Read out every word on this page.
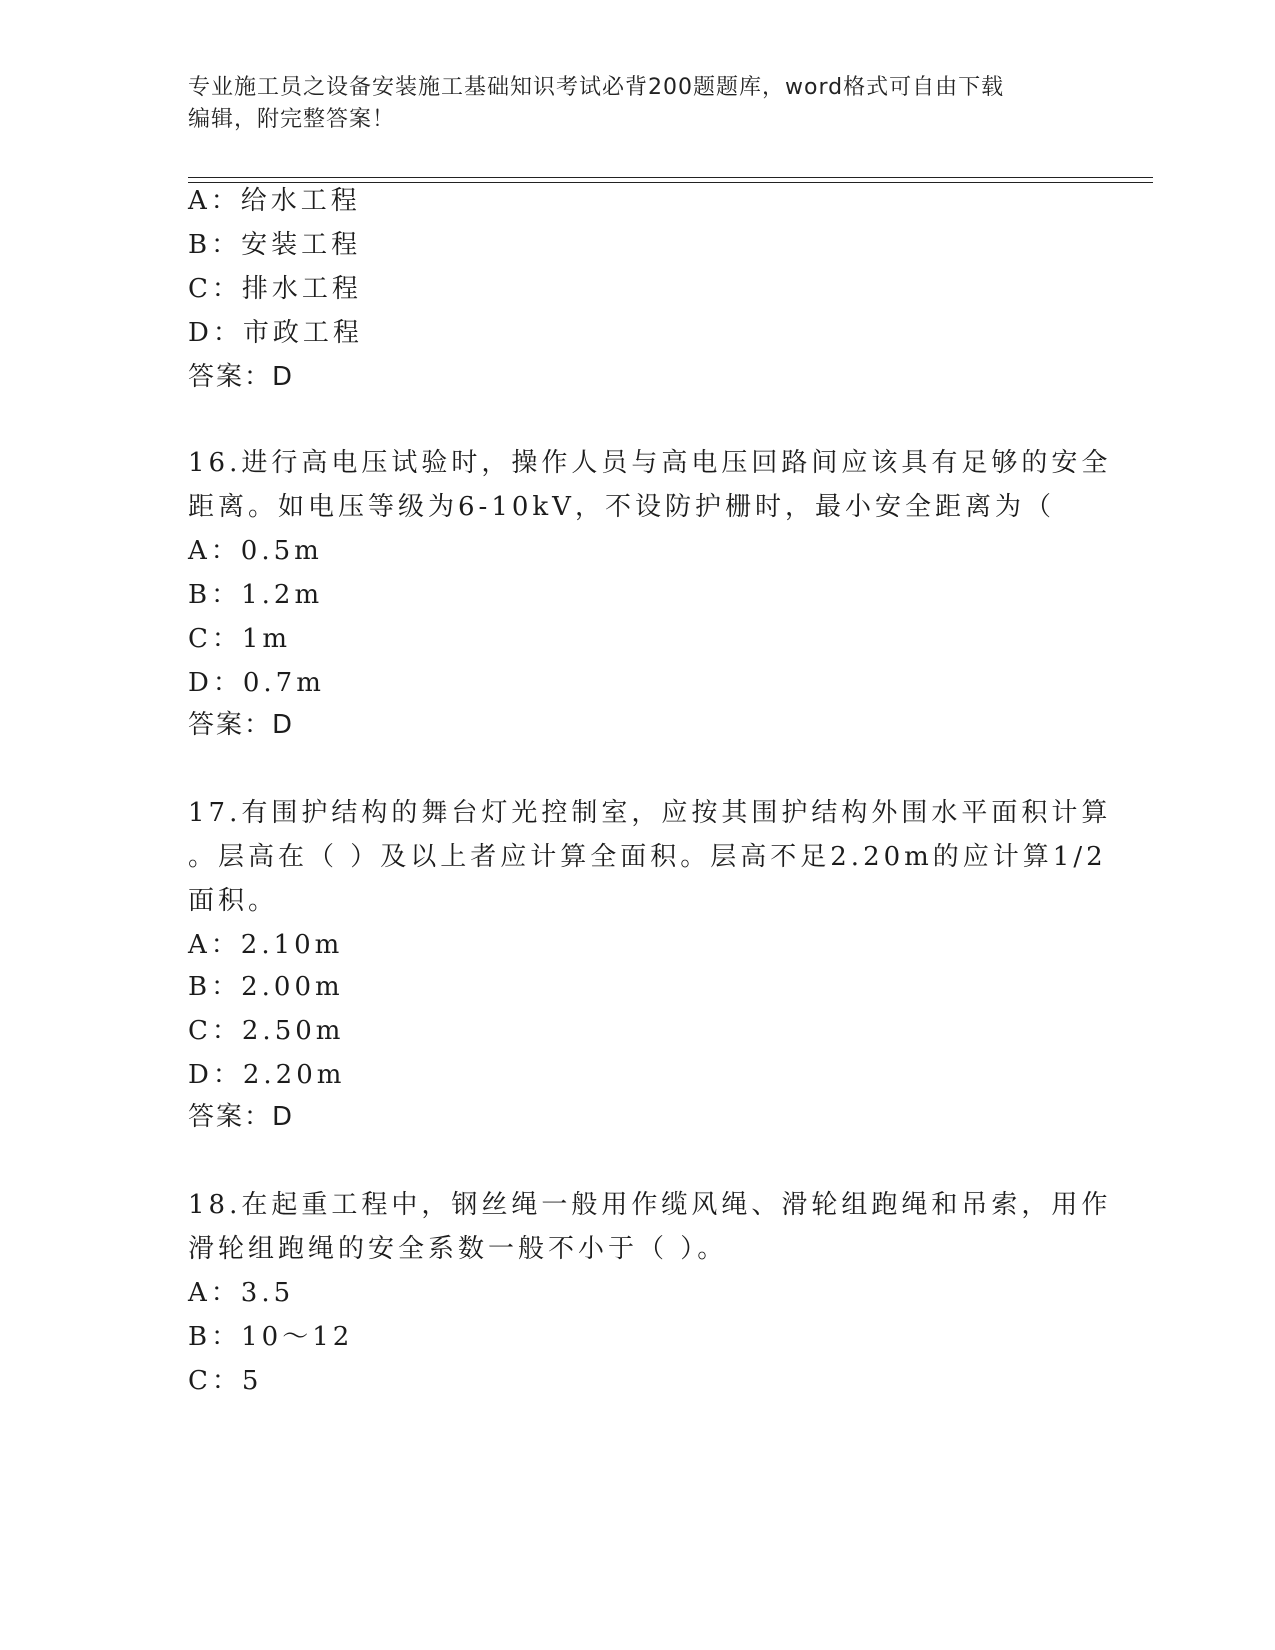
专业施工员之设备安装施工基础知识考试必背200题题库，word格式可自由下载
编辑，附完整答案！
A：给水工程
B：安装工程
C：排水工程
D：市政工程
答案：D
16.进行高电压试验时，操作人员与高电压回路间应该具有足够的安全
距离。如电压等级为6-10kV，不设防护栅时，最小安全距离为（
A：0.5m
B：1.2m
C：1m
D：0.7m
答案：D
17.有围护结构的舞台灯光控制室，应按其围护结构外围水平面积计算
。层高在（ ）及以上者应计算全面积。层高不足2.20m的应计算1/2
面积。
A：2.10m
B：2.00m
C：2.50m
D：2.20m
答案：D
18.在起重工程中，钢丝绳一般用作缆风绳、滑轮组跑绳和吊索，用作
滑轮组跑绳的安全系数一般不小于（ ）。
A：3.5
B：10～12
C：5
